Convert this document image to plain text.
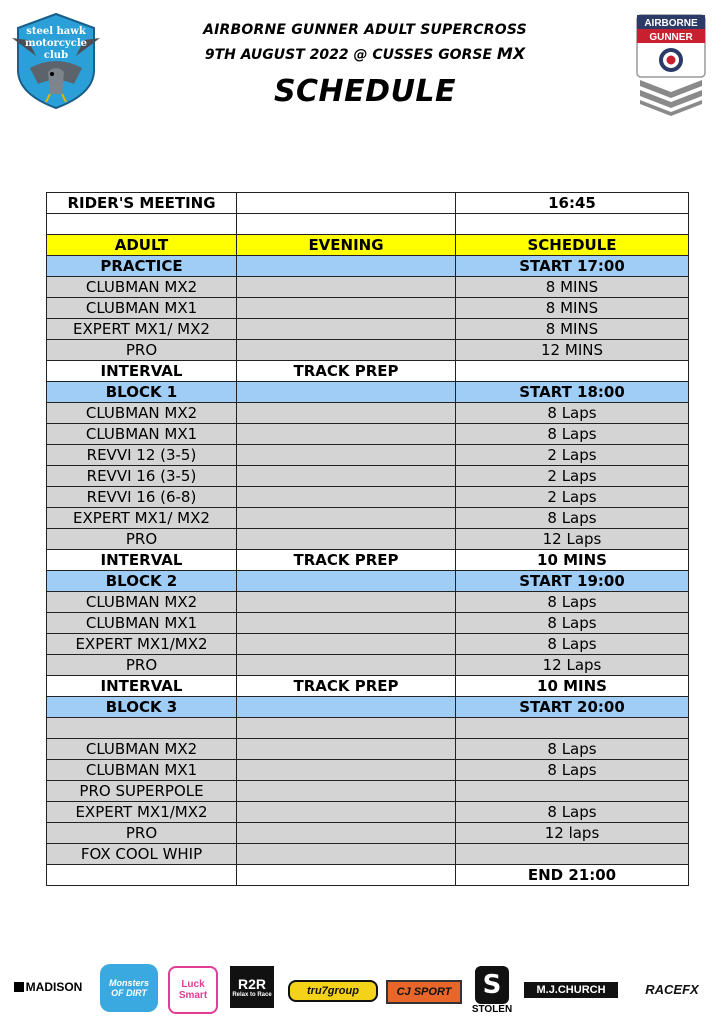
steel hawk
motorcycle
club
AIRBORNE
GUNNER
AIRBORNE GUNNER ADULT SUPERCROSS
9TH AUGUST 2022 @ CUSSES GORSE MX
SCHEDULE
RIDER'S MEETING		16:45

ADULT	EVENING	SCHEDULE
PRACTICE		START 17:00
CLUBMAN MX2		8 MINS
CLUBMAN MX1		8 MINS
EXPERT MX1/ MX2		8 MINS
PRO		12 MINS
INTERVAL	TRACK PREP	
BLOCK 1		START 18:00
CLUBMAN MX2		8 Laps
CLUBMAN MX1		8 Laps
REVVI 12 (3-5)		2 Laps
REVVI 16 (3-5)		2 Laps
REVVI 16 (6-8)		2 Laps
EXPERT MX1/ MX2		8 Laps
PRO		12 Laps
INTERVAL	TRACK PREP	10 MINS
BLOCK 2		START 19:00
CLUBMAN MX2		8 Laps
CLUBMAN MX1		8 Laps
EXPERT MX1/MX2		8 Laps
PRO		12 Laps
INTERVAL	TRACK PREP	10 MINS
BLOCK 3		START 20:00

CLUBMAN MX2		8 Laps
CLUBMAN MX1		8 Laps
PRO SUPERPOLE		
EXPERT MX1/MX2		8 Laps
PRO		12 laps
FOX COOL WHIP		
		END 21:00
MADISON	Monsters
OF DIRT
Luck
Smart
R2R
Relax to Race	tru7group	CJ SPORT S
STOLEN
M.J.CHURCH	RACEFX
